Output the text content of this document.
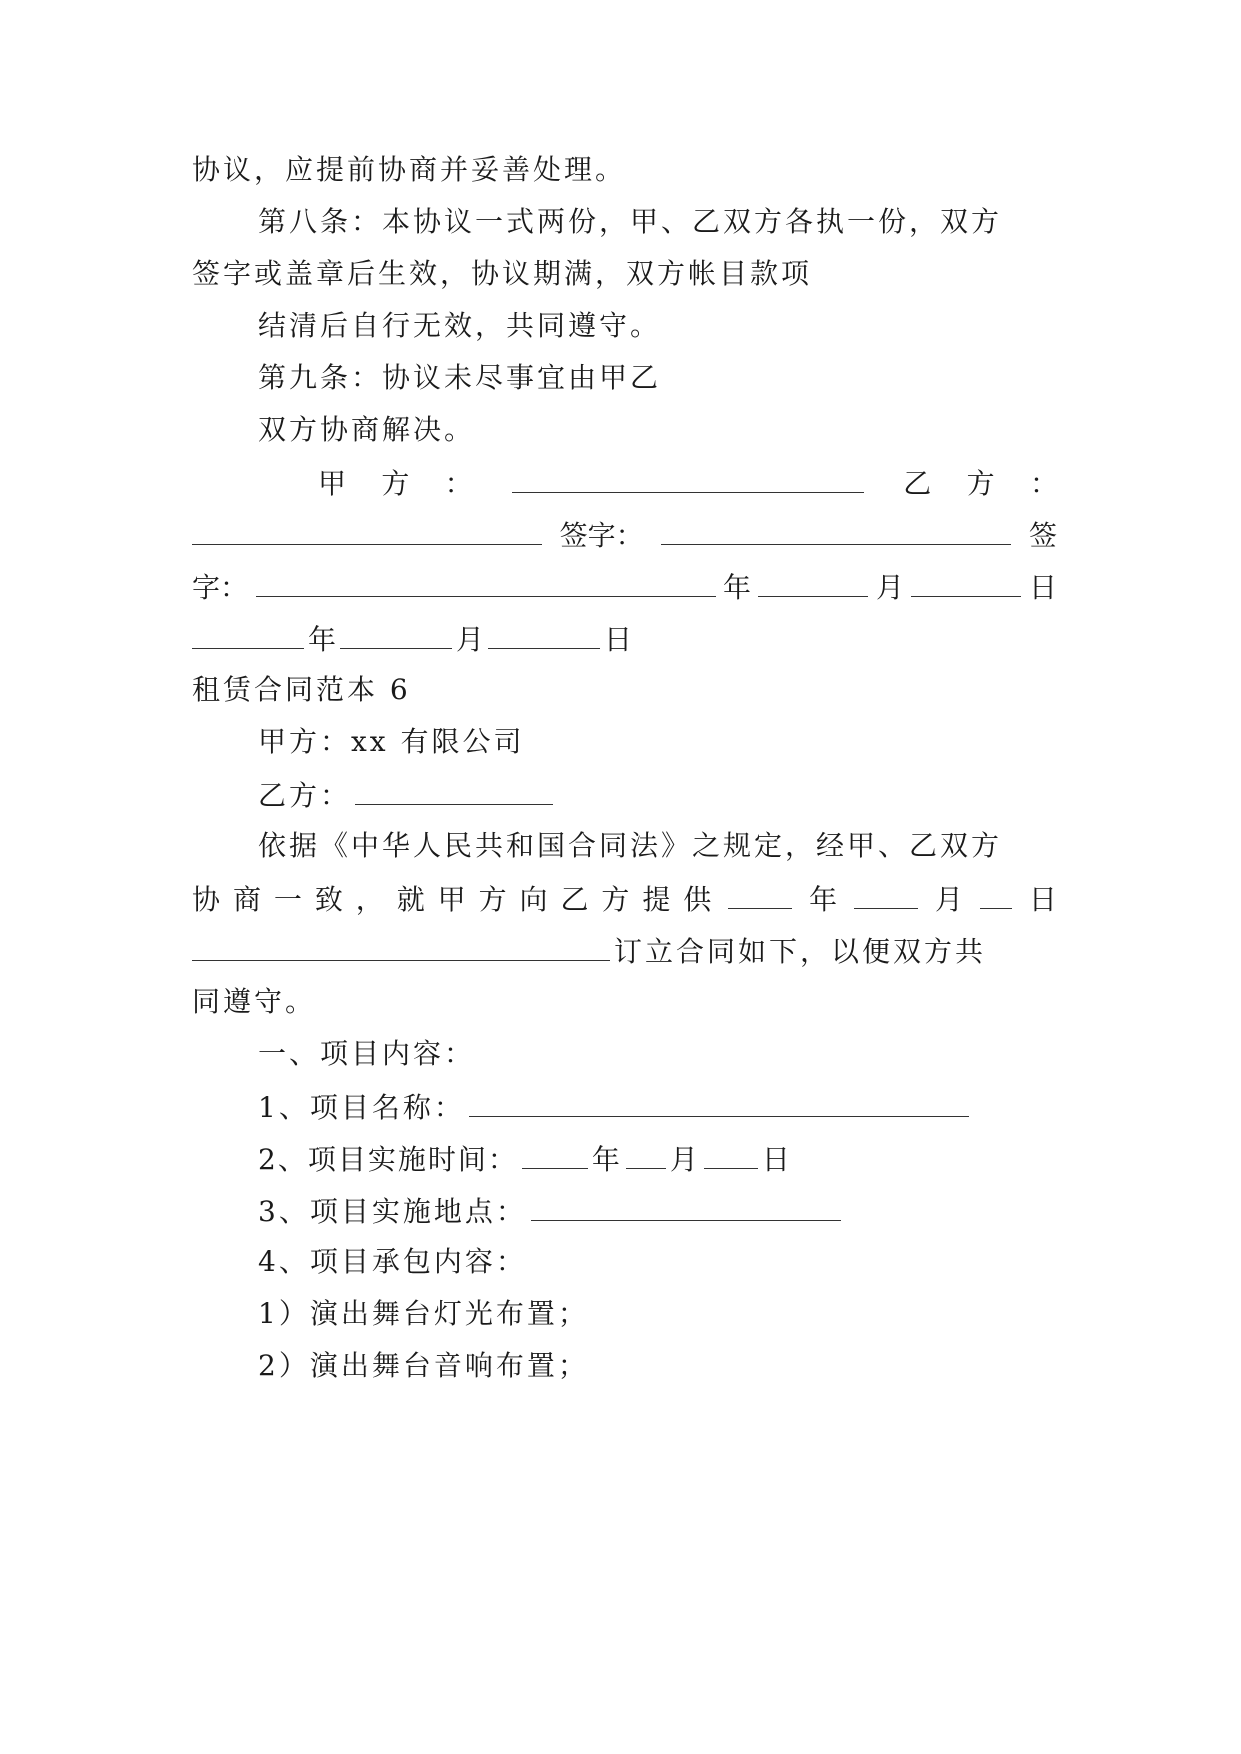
协议，应提前协商并妥善处理。
第八条：本协议一式两份，甲、乙双方各执一份，双方
签字或盖章后生效，协议期满，双方帐目款项
结清后自行无效，共同遵守。
第九条：协议未尽事宜由甲乙
双方协商解决。
甲 方 ：	乙 方 ：
签字：	签
字：	年	月	日
年	月	日
租赁合同范本 6
甲方：xx 有限公司
乙方：
依据《中华人民共和国合同法》之规定，经甲、乙双方
协 商 一 致 ， 就 甲 方 向 乙 方 提 供	年	月 日
订立合同如下，以便双方共
同遵守。
一、项目内容：
1、项目名称：
2、项目实施时间：	年 月 日
3、项目实施地点：
4、项目承包内容：
1）演出舞台灯光布置；
2）演出舞台音响布置；
